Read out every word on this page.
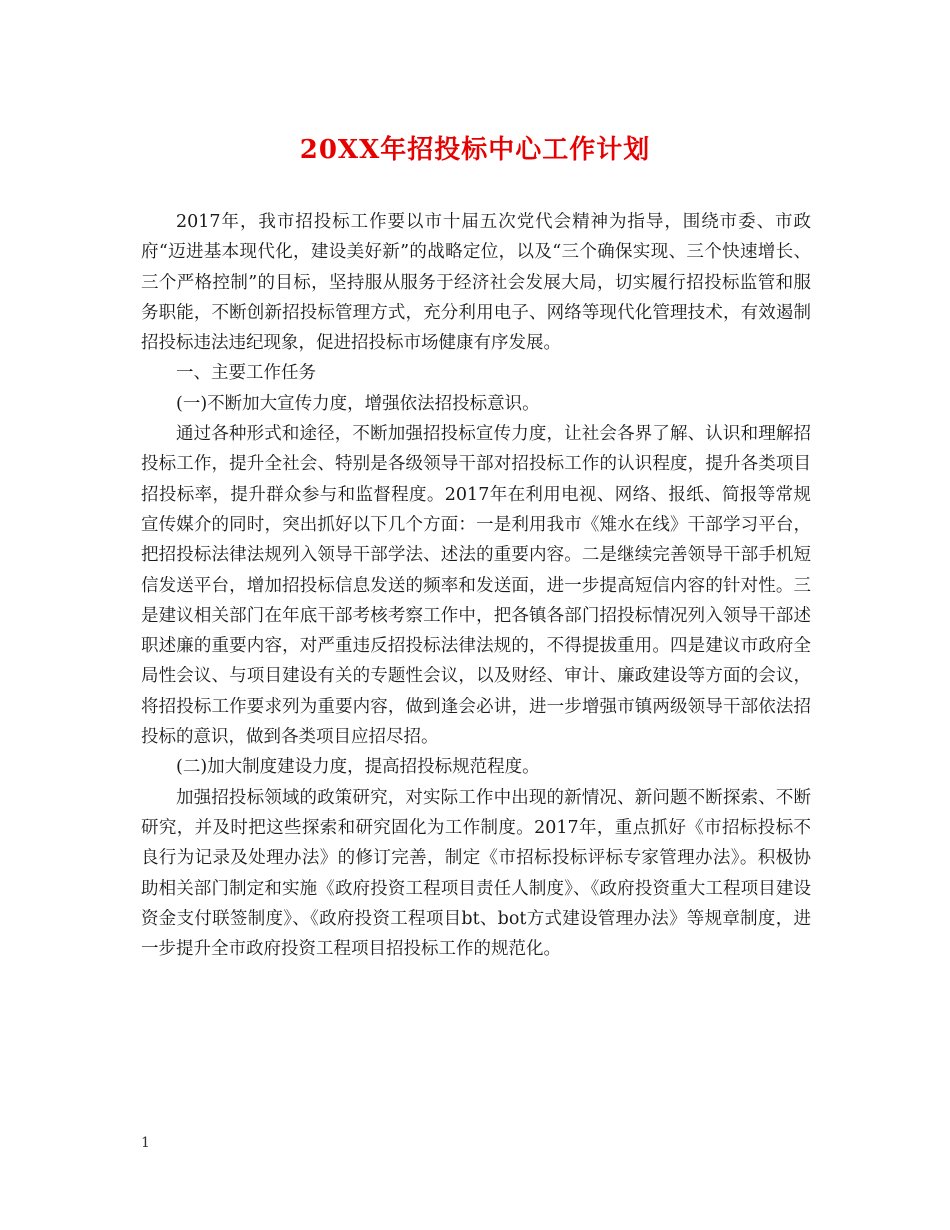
20XX年招投标中心工作计划

2017年，我市招投标工作要以市十届五次党代会精神为指导，围绕市委、市政府“迈进基本现代化，建设美好新”的战略定位，以及“三个确保实现、三个快速增长、三个严格控制”的目标，坚持服从服务于经济社会发展大局，切实履行招投标监管和服务职能，不断创新招投标管理方式，充分利用电子、网络等现代化管理技术，有效遏制招投标违法违纪现象，促进招投标市场健康有序发展。

一、主要工作任务

(一)不断加大宣传力度，增强依法招投标意识。

通过各种形式和途径，不断加强招投标宣传力度，让社会各界了解、认识和理解招投标工作，提升全社会、特别是各级领导干部对招投标工作的认识程度，提升各类项目招投标率，提升群众参与和监督程度。2017年在利用电视、网络、报纸、简报等常规宣传媒介的同时，突出抓好以下几个方面：一是利用我市《雉水在线》干部学习平台，把招投标法律法规列入领导干部学法、述法的重要内容。二是继续完善领导干部手机短信发送平台，增加招投标信息发送的频率和发送面，进一步提高短信内容的针对性。三是建议相关部门在年底干部考核考察工作中，把各镇各部门招投标情况列入领导干部述职述廉的重要内容，对严重违反招投标法律法规的，不得提拔重用。四是建议市政府全局性会议、与项目建设有关的专题性会议，以及财经、审计、廉政建设等方面的会议，将招投标工作要求列为重要内容，做到逢会必讲，进一步增强市镇两级领导干部依法招投标的意识，做到各类项目应招尽招。

(二)加大制度建设力度，提高招投标规范程度。

加强招投标领域的政策研究，对实际工作中出现的新情况、新问题不断探索、不断研究，并及时把这些探索和研究固化为工作制度。2017年，重点抓好《市招标投标不良行为记录及处理办法》的修订完善，制定《市招标投标评标专家管理办法》。积极协助相关部门制定和实施《政府投资工程项目责任人制度》、《政府投资重大工程项目建设资金支付联签制度》、《政府投资工程项目bt、bot方式建设管理办法》等规章制度，进一步提升全市政府投资工程项目招投标工作的规范化。

1
